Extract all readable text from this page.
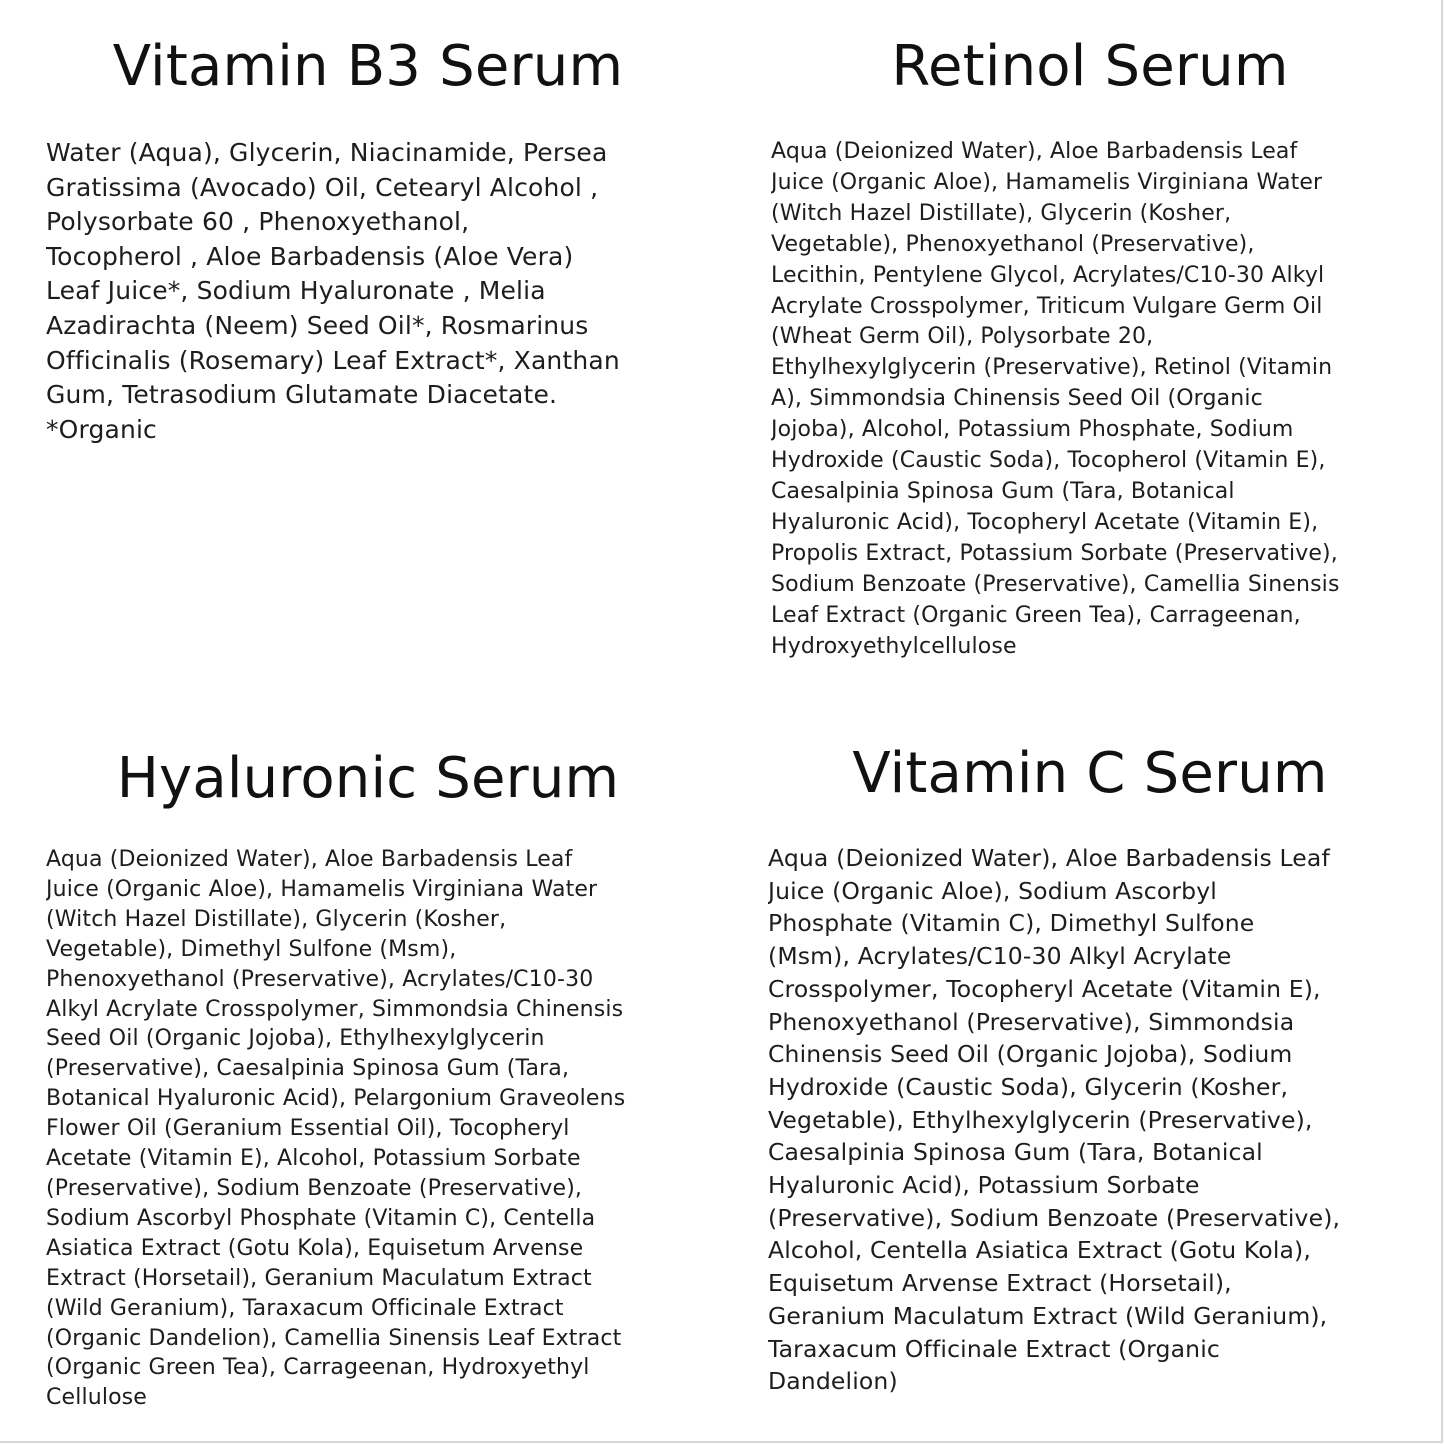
Vitamin B3 Serum
Water (Aqua), Glycerin, Niacinamide, Persea
Gratissima (Avocado) Oil, Cetearyl Alcohol ,
Polysorbate 60 , Phenoxyethanol,
Tocopherol , Aloe Barbadensis (Aloe Vera)
Leaf Juice*, Sodium Hyaluronate , Melia
Azadirachta (Neem) Seed Oil*, Rosmarinus
Officinalis (Rosemary) Leaf Extract*, Xanthan
Gum, Tetrasodium Glutamate Diacetate.
*Organic
Retinol Serum
Aqua (Deionized Water), Aloe Barbadensis Leaf
Juice (Organic Aloe), Hamamelis Virginiana Water
(Witch Hazel Distillate), Glycerin (Kosher,
Vegetable), Phenoxyethanol (Preservative),
Lecithin, Pentylene Glycol, Acrylates/C10-30 Alkyl
Acrylate Crosspolymer, Triticum Vulgare Germ Oil
(Wheat Germ Oil), Polysorbate 20,
Ethylhexylglycerin (Preservative), Retinol (Vitamin
A), Simmondsia Chinensis Seed Oil (Organic
Jojoba), Alcohol, Potassium Phosphate, Sodium
Hydroxide (Caustic Soda), Tocopherol (Vitamin E),
Caesalpinia Spinosa Gum (Tara, Botanical
Hyaluronic Acid), Tocopheryl Acetate (Vitamin E),
Propolis Extract, Potassium Sorbate (Preservative),
Sodium Benzoate (Preservative), Camellia Sinensis
Leaf Extract (Organic Green Tea), Carrageenan,
Hydroxyethylcellulose
Hyaluronic Serum
Aqua (Deionized Water), Aloe Barbadensis Leaf
Juice (Organic Aloe), Hamamelis Virginiana Water
(Witch Hazel Distillate), Glycerin (Kosher,
Vegetable), Dimethyl Sulfone (Msm),
Phenoxyethanol (Preservative), Acrylates/C10-30
Alkyl Acrylate Crosspolymer, Simmondsia Chinensis
Seed Oil (Organic Jojoba), Ethylhexylglycerin
(Preservative), Caesalpinia Spinosa Gum (Tara,
Botanical Hyaluronic Acid), Pelargonium Graveolens
Flower Oil (Geranium Essential Oil), Tocopheryl
Acetate (Vitamin E), Alcohol, Potassium Sorbate
(Preservative), Sodium Benzoate (Preservative),
Sodium Ascorbyl Phosphate (Vitamin C), Centella
Asiatica Extract (Gotu Kola), Equisetum Arvense
Extract (Horsetail), Geranium Maculatum Extract
(Wild Geranium), Taraxacum Officinale Extract
(Organic Dandelion), Camellia Sinensis Leaf Extract
(Organic Green Tea), Carrageenan, Hydroxyethyl
Cellulose
Vitamin C Serum
Aqua (Deionized Water), Aloe Barbadensis Leaf
Juice (Organic Aloe), Sodium Ascorbyl
Phosphate (Vitamin C), Dimethyl Sulfone
(Msm), Acrylates/C10-30 Alkyl Acrylate
Crosspolymer, Tocopheryl Acetate (Vitamin E),
Phenoxyethanol (Preservative), Simmondsia
Chinensis Seed Oil (Organic Jojoba), Sodium
Hydroxide (Caustic Soda), Glycerin (Kosher,
Vegetable), Ethylhexylglycerin (Preservative),
Caesalpinia Spinosa Gum (Tara, Botanical
Hyaluronic Acid), Potassium Sorbate
(Preservative), Sodium Benzoate (Preservative),
Alcohol, Centella Asiatica Extract (Gotu Kola),
Equisetum Arvense Extract (Horsetail),
Geranium Maculatum Extract (Wild Geranium),
Taraxacum Officinale Extract (Organic
Dandelion)
